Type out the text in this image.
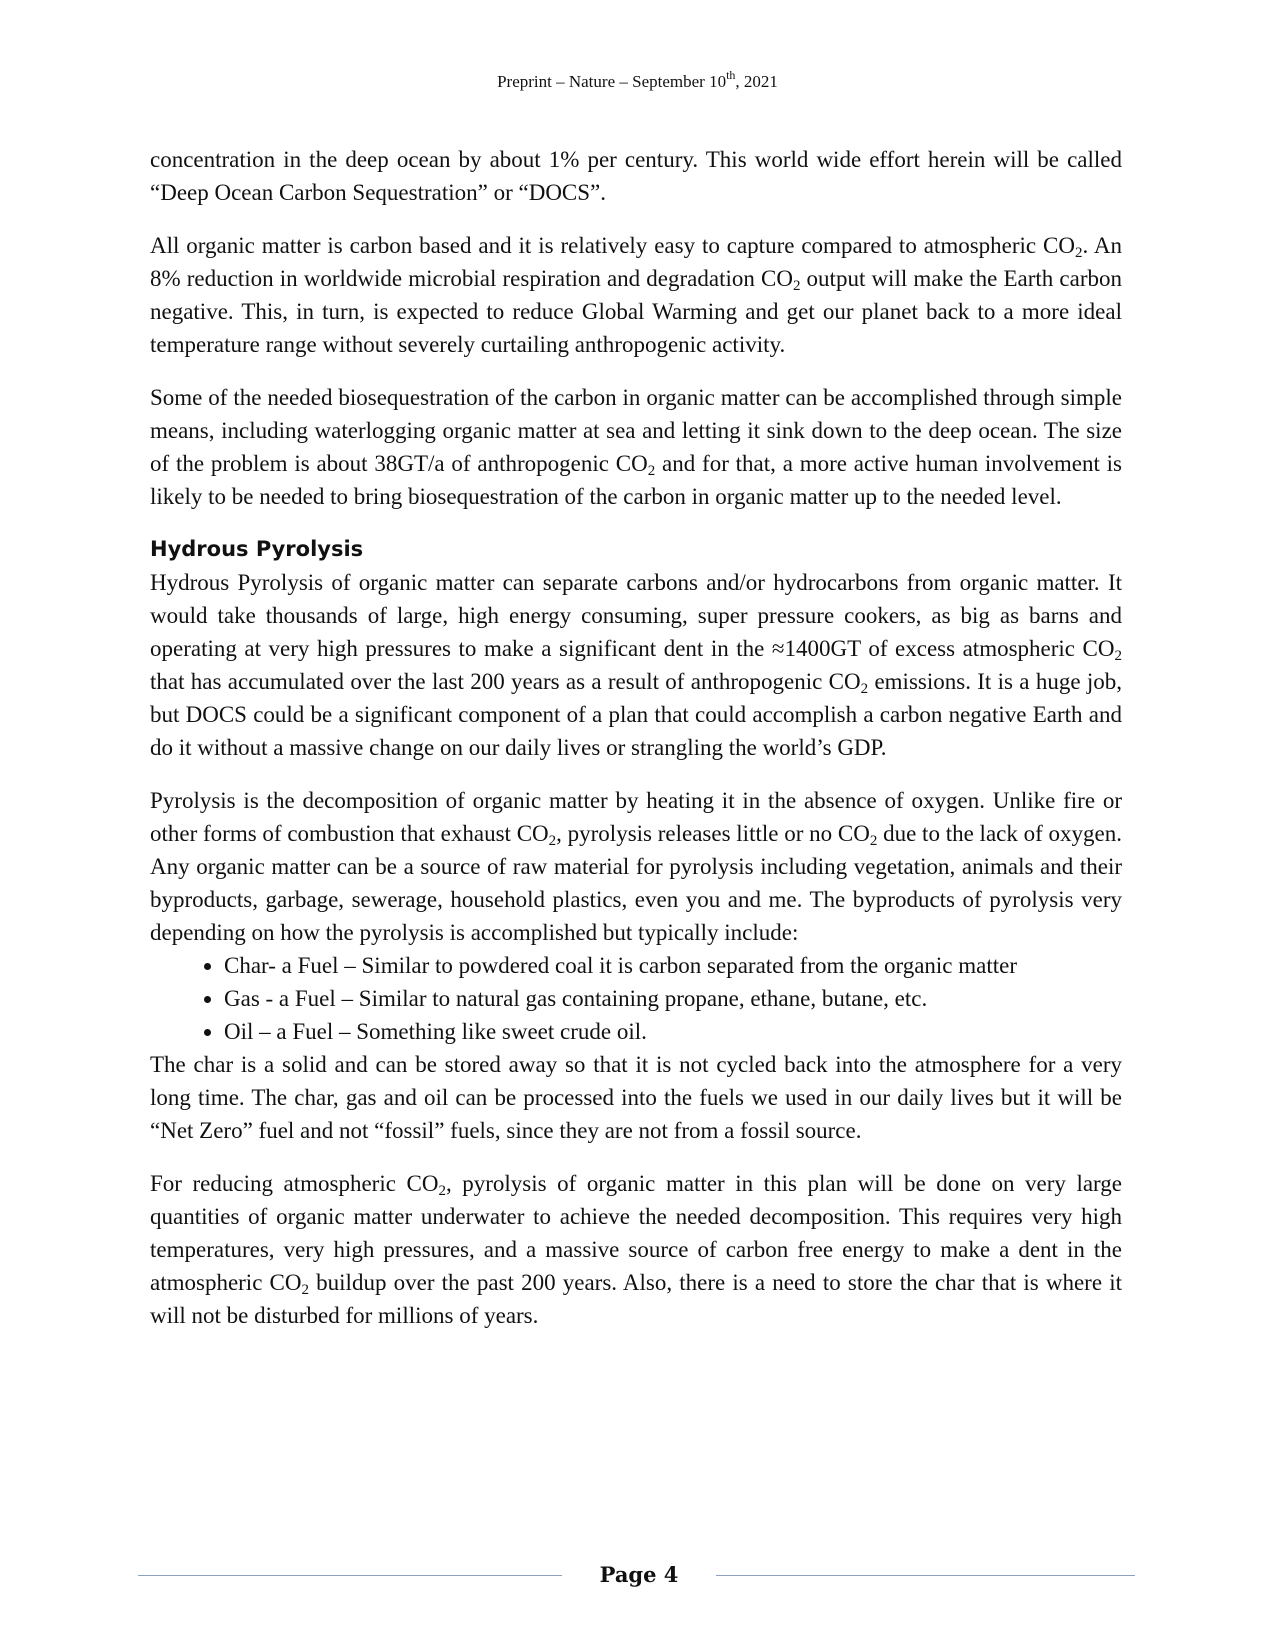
Preprint – Nature – September 10th, 2021

concentration in the deep ocean by about 1% per century. This world wide effort herein will be called “Deep Ocean Carbon Sequestration” or “DOCS”.

All organic matter is carbon based and it is relatively easy to capture compared to atmospheric $CO_2$. An 8% reduction in worldwide microbial respiration and degradation $CO_2$ output will make the Earth carbon negative. This, in turn, is expected to reduce Global Warming and get our planet back to a more ideal temperature range without severely curtailing anthropogenic activity.

Some of the needed biosequestration of the carbon in organic matter can be accomplished through simple means, including waterlogging organic matter at sea and letting it sink down to the deep ocean. The size of the problem is about 38GT/a of anthropogenic $CO_2$ and for that, a more active human involvement is likely to be needed to bring biosequestration of the carbon in organic matter up to the needed level.

Hydrous Pyrolysis

Hydrous Pyrolysis of organic matter can separate carbons and/or hydrocarbons from organic matter. It would take thousands of large, high energy consuming, super pressure cookers, as big as barns and operating at very high pressures to make a significant dent in the ≈1400GT of excess atmospheric $CO_2$ that has accumulated over the last 200 years as a result of anthropogenic $CO_2$ emissions. It is a huge job, but DOCS could be a significant component of a plan that could accomplish a carbon negative Earth and do it without a massive change on our daily lives or strangling the world’s GDP.

Pyrolysis is the decomposition of organic matter by heating it in the absence of oxygen. Unlike fire or other forms of combustion that exhaust $CO_2$, pyrolysis releases little or no $CO_2$ due to the lack of oxygen. Any organic matter can be a source of raw material for pyrolysis including vegetation, animals and their byproducts, garbage, sewerage, household plastics, even you and me. The byproducts of pyrolysis very depending on how the pyrolysis is accomplished but typically include:

• Char- a Fuel – Similar to powdered coal it is carbon separated from the organic matter
• Gas - a Fuel – Similar to natural gas containing propane, ethane, butane, etc.
• Oil – a Fuel – Something like sweet crude oil.

The char is a solid and can be stored away so that it is not cycled back into the atmosphere for a very long time. The char, gas and oil can be processed into the fuels we used in our daily lives but it will be “Net Zero” fuel and not “fossil” fuels, since they are not from a fossil source.

For reducing atmospheric $CO_2$, pyrolysis of organic matter in this plan will be done on very large quantities of organic matter underwater to achieve the needed decomposition. This requires very high temperatures, very high pressures, and a massive source of carbon free energy to make a dent in the atmospheric $CO_2$ buildup over the past 200 years. Also, there is a need to store the char that is where it will not be disturbed for millions of years.

Page 4
